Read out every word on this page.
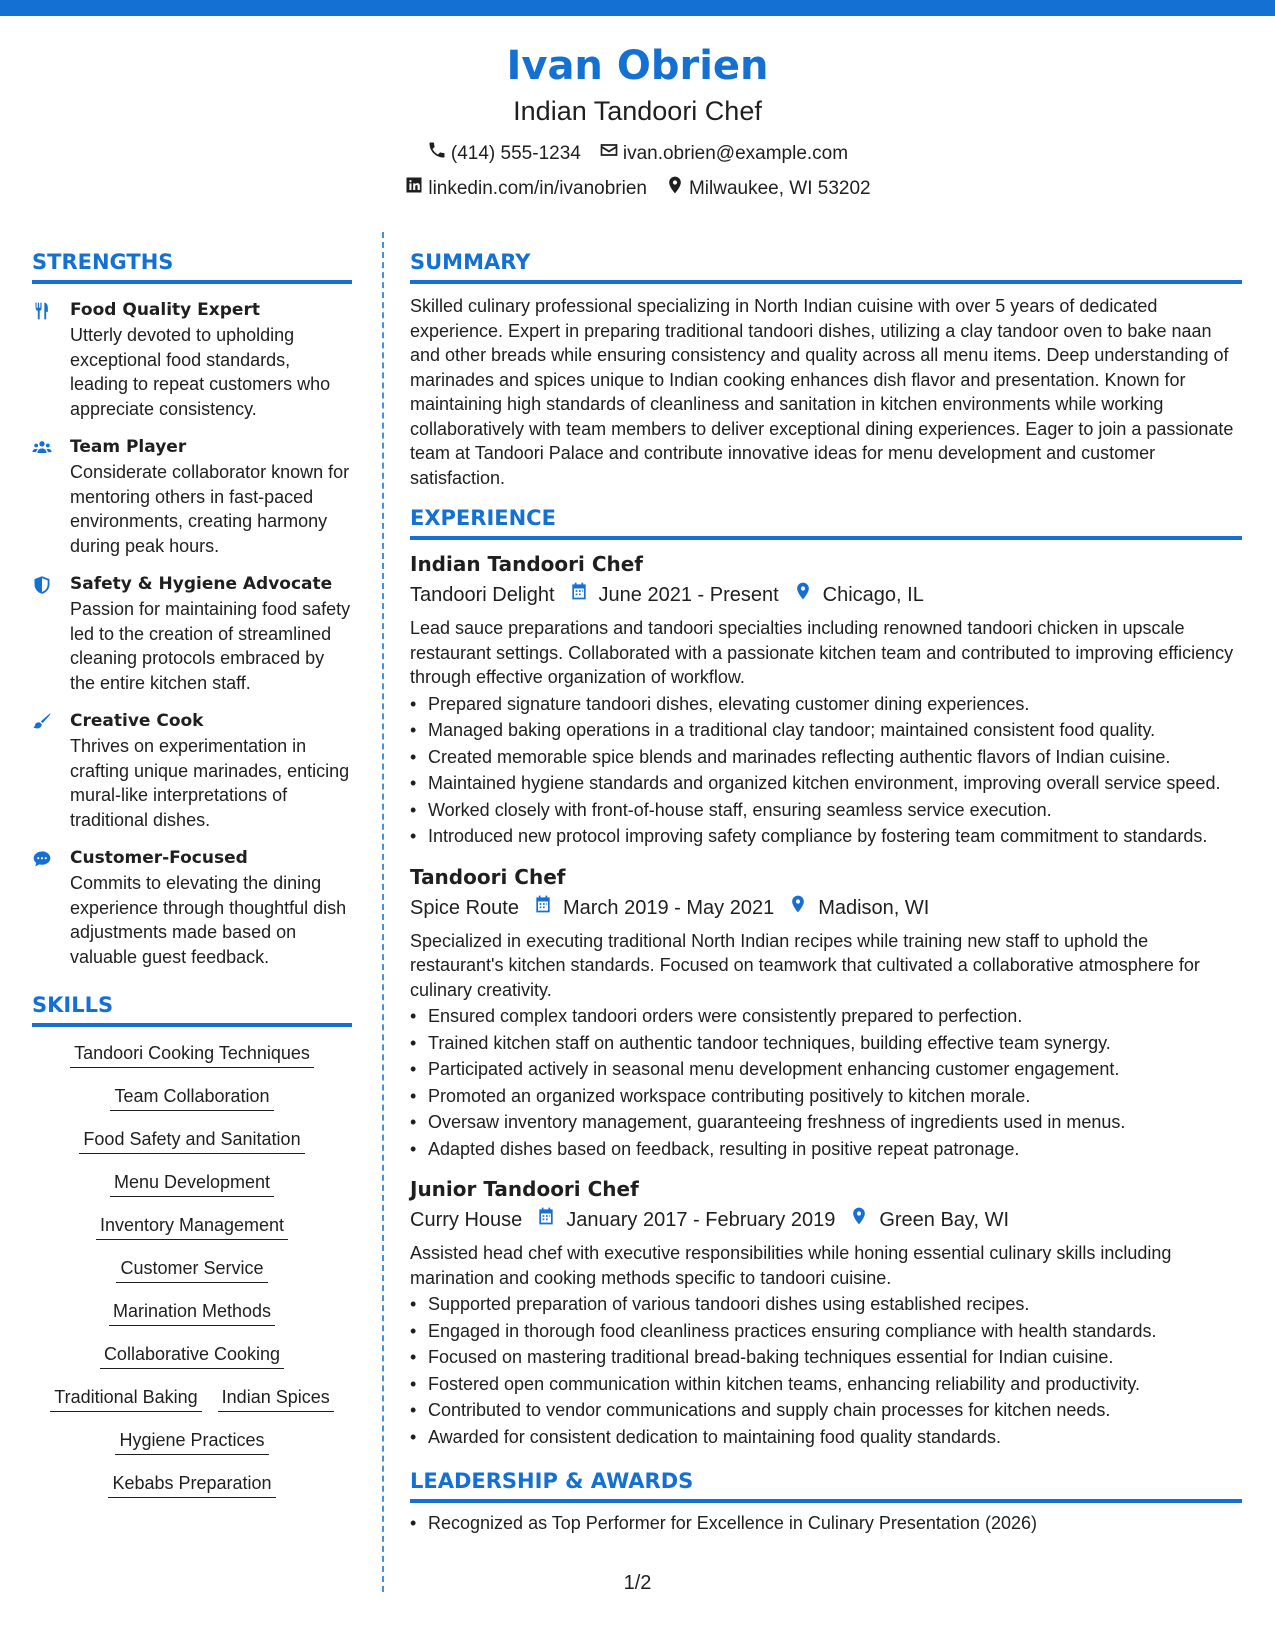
Ivan Obrien
Indian Tandoori Chef
(414) 555-1234 ivan.obrien@example.com
linkedin.com/in/ivanobrien Milwaukee, WI 53202
STRENGTHS
Food Quality Expert
Utterly devoted to upholding exceptional food standards, leading to repeat customers who appreciate consistency.
Team Player
Considerate collaborator known for mentoring others in fast-paced environments, creating harmony during peak hours.
Safety & Hygiene Advocate
Passion for maintaining food safety led to the creation of streamlined cleaning protocols embraced by the entire kitchen staff.
Creative Cook
Thrives on experimentation in crafting unique marinades, enticing mural-like interpretations of traditional dishes.
Customer-Focused
Commits to elevating the dining experience through thoughtful dish adjustments made based on valuable guest feedback.
SKILLS
Tandoori Cooking Techniques
Team Collaboration
Food Safety and Sanitation
Menu Development
Inventory Management
Customer Service
Marination Methods
Collaborative Cooking
Traditional Baking Indian Spices
Hygiene Practices
Kebabs Preparation
SUMMARY
Skilled culinary professional specializing in North Indian cuisine with over 5 years of dedicated experience. Expert in preparing traditional tandoori dishes, utilizing a clay tandoor oven to bake naan and other breads while ensuring consistency and quality across all menu items. Deep understanding of marinades and spices unique to Indian cooking enhances dish flavor and presentation. Known for maintaining high standards of cleanliness and sanitation in kitchen environments while working collaboratively with team members to deliver exceptional dining experiences. Eager to join a passionate team at Tandoori Palace and contribute innovative ideas for menu development and customer satisfaction.
EXPERIENCE
Indian Tandoori Chef
Tandoori Delight June 2021 - Present Chicago, IL
Lead sauce preparations and tandoori specialties including renowned tandoori chicken in upscale restaurant settings. Collaborated with a passionate kitchen team and contributed to improving efficiency through effective organization of workflow.
• Prepared signature tandoori dishes, elevating customer dining experiences.
• Managed baking operations in a traditional clay tandoor; maintained consistent food quality.
• Created memorable spice blends and marinades reflecting authentic flavors of Indian cuisine.
• Maintained hygiene standards and organized kitchen environment, improving overall service speed.
• Worked closely with front-of-house staff, ensuring seamless service execution.
• Introduced new protocol improving safety compliance by fostering team commitment to standards.
Tandoori Chef
Spice Route March 2019 - May 2021 Madison, WI
Specialized in executing traditional North Indian recipes while training new staff to uphold the restaurant's kitchen standards. Focused on teamwork that cultivated a collaborative atmosphere for culinary creativity.
• Ensured complex tandoori orders were consistently prepared to perfection.
• Trained kitchen staff on authentic tandoor techniques, building effective team synergy.
• Participated actively in seasonal menu development enhancing customer engagement.
• Promoted an organized workspace contributing positively to kitchen morale.
• Oversaw inventory management, guaranteeing freshness of ingredients used in menus.
• Adapted dishes based on feedback, resulting in positive repeat patronage.
Junior Tandoori Chef
Curry House January 2017 - February 2019 Green Bay, WI
Assisted head chef with executive responsibilities while honing essential culinary skills including marination and cooking methods specific to tandoori cuisine.
• Supported preparation of various tandoori dishes using established recipes.
• Engaged in thorough food cleanliness practices ensuring compliance with health standards.
• Focused on mastering traditional bread-baking techniques essential for Indian cuisine.
• Fostered open communication within kitchen teams, enhancing reliability and productivity.
• Contributed to vendor communications and supply chain processes for kitchen needs.
• Awarded for consistent dedication to maintaining food quality standards.
LEADERSHIP & AWARDS
• Recognized as Top Performer for Excellence in Culinary Presentation (2026)
1/2
